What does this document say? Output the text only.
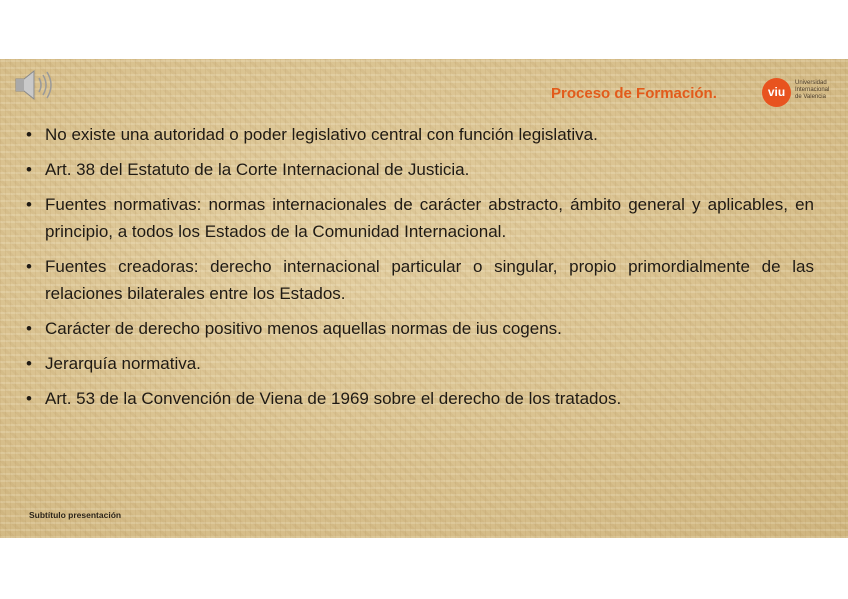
Proceso de Formación.	viu
Universidad
Internacional
de Valencia
• No existe una autoridad o poder legislativo central con función legislativa.
• Art. 38 del Estatuto de la Corte Internacional de Justicia.
• Fuentes normativas: normas internacionales de carácter abstracto, ámbito general y aplicables, en principio, a todos los Estados de la Comunidad Internacional.
• Fuentes creadoras: derecho internacional particular o singular, propio primordialmente de las relaciones bilaterales entre los Estados.
• Carácter de derecho positivo menos aquellas normas de ius cogens.
• Jerarquía normativa.
• Art. 53 de la Convención de Viena de 1969 sobre el derecho de los tratados.
Subtítulo presentación
